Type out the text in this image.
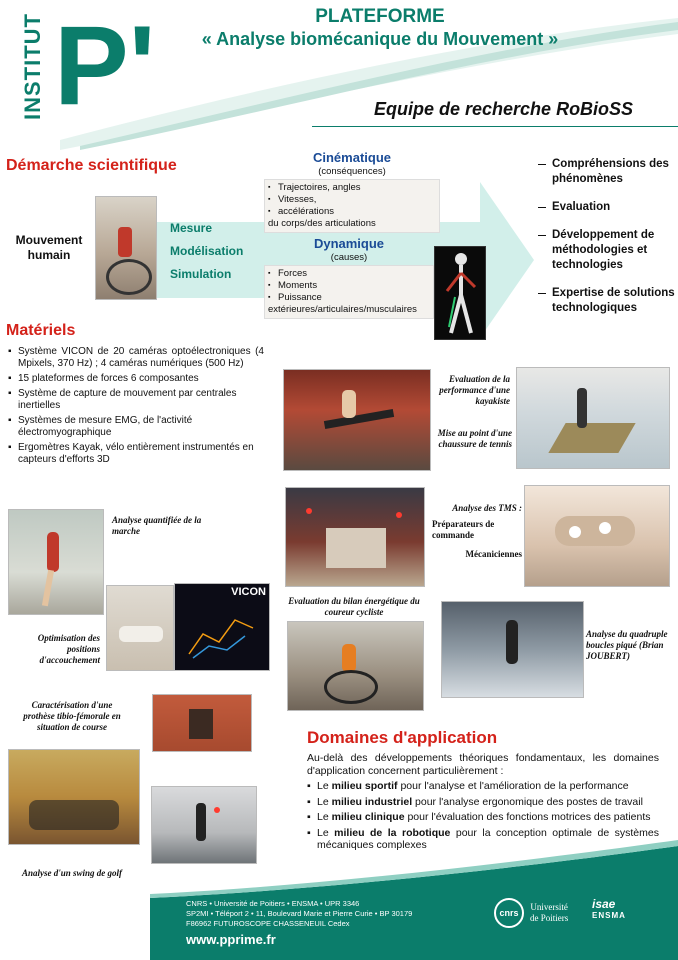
INSTITUT P'	PLATEFORME
« Analyse biomécanique du Mouvement »
Equipe de recherche RoBioSS
Démarche scientifique
Mouvement humain
Mesure
Modélisation
Simulation
Cinématique
(conséquences)
▪ Trajectoires, angles
▪ Vitesses,
▪ accélérations
du corps/des articulations
Dynamique
(causes)
▪ Forces
▪ Moments
▪ Puissance
extérieures/articulaires/musculaires
Compréhensions des phénomènes
Evaluation
Développement de méthodologies et technologies
Expertise de solutions technologiques
Matériels
▪ Système VICON de 20 caméras optoélectroniques (4 Mpixels, 370 Hz) ; 4 caméras numériques (500 Hz)
▪ 15 plateformes de forces 6 composantes
▪ Système de capture de mouvement par centrales inertielles
▪ Systèmes de mesure EMG, de l'activité électromyographique
▪ Ergomètres Kayak, vélo entièrement instrumentés en capteurs d'efforts 3D
Evaluation de la performance d'une kayakiste
Mise au point d'une chaussure de tennis
Analyse quantifiée de la marche
Analyse des TMS :
Préparateurs de commande
Mécaniciennes
Evaluation du bilan énergétique du coureur cycliste
VICON
Optimisation des positions d'accouchement
Analyse du quadruple boucles piqué (Brian JOUBERT)
Caractérisation d'une prothèse tibio-fémorale en situation de course
Analyse d'un swing de golf
Domaines d'application
Au-delà des développements théoriques fondamentaux, les domaines d'application concernent particulièrement :
▪ Le milieu sportif pour l'analyse et l'amélioration de la performance
▪ Le milieu industriel pour l'analyse ergonomique des postes de travail
▪ Le milieu clinique pour l'évaluation des fonctions motrices des patients
▪ Le milieu de la robotique pour la conception optimale de systèmes mécaniques complexes
CNRS • Université de Poitiers • ENSMA • UPR 3346
SP2MI • Téléport 2 • 11, Boulevard Marie et Pierre Curie • BP 30179
F86962 FUTUROSCOPE CHASSENEUIL Cedex
www.pprime.fr
cnrs
Université
de Poitiers
isae
ENSMA
